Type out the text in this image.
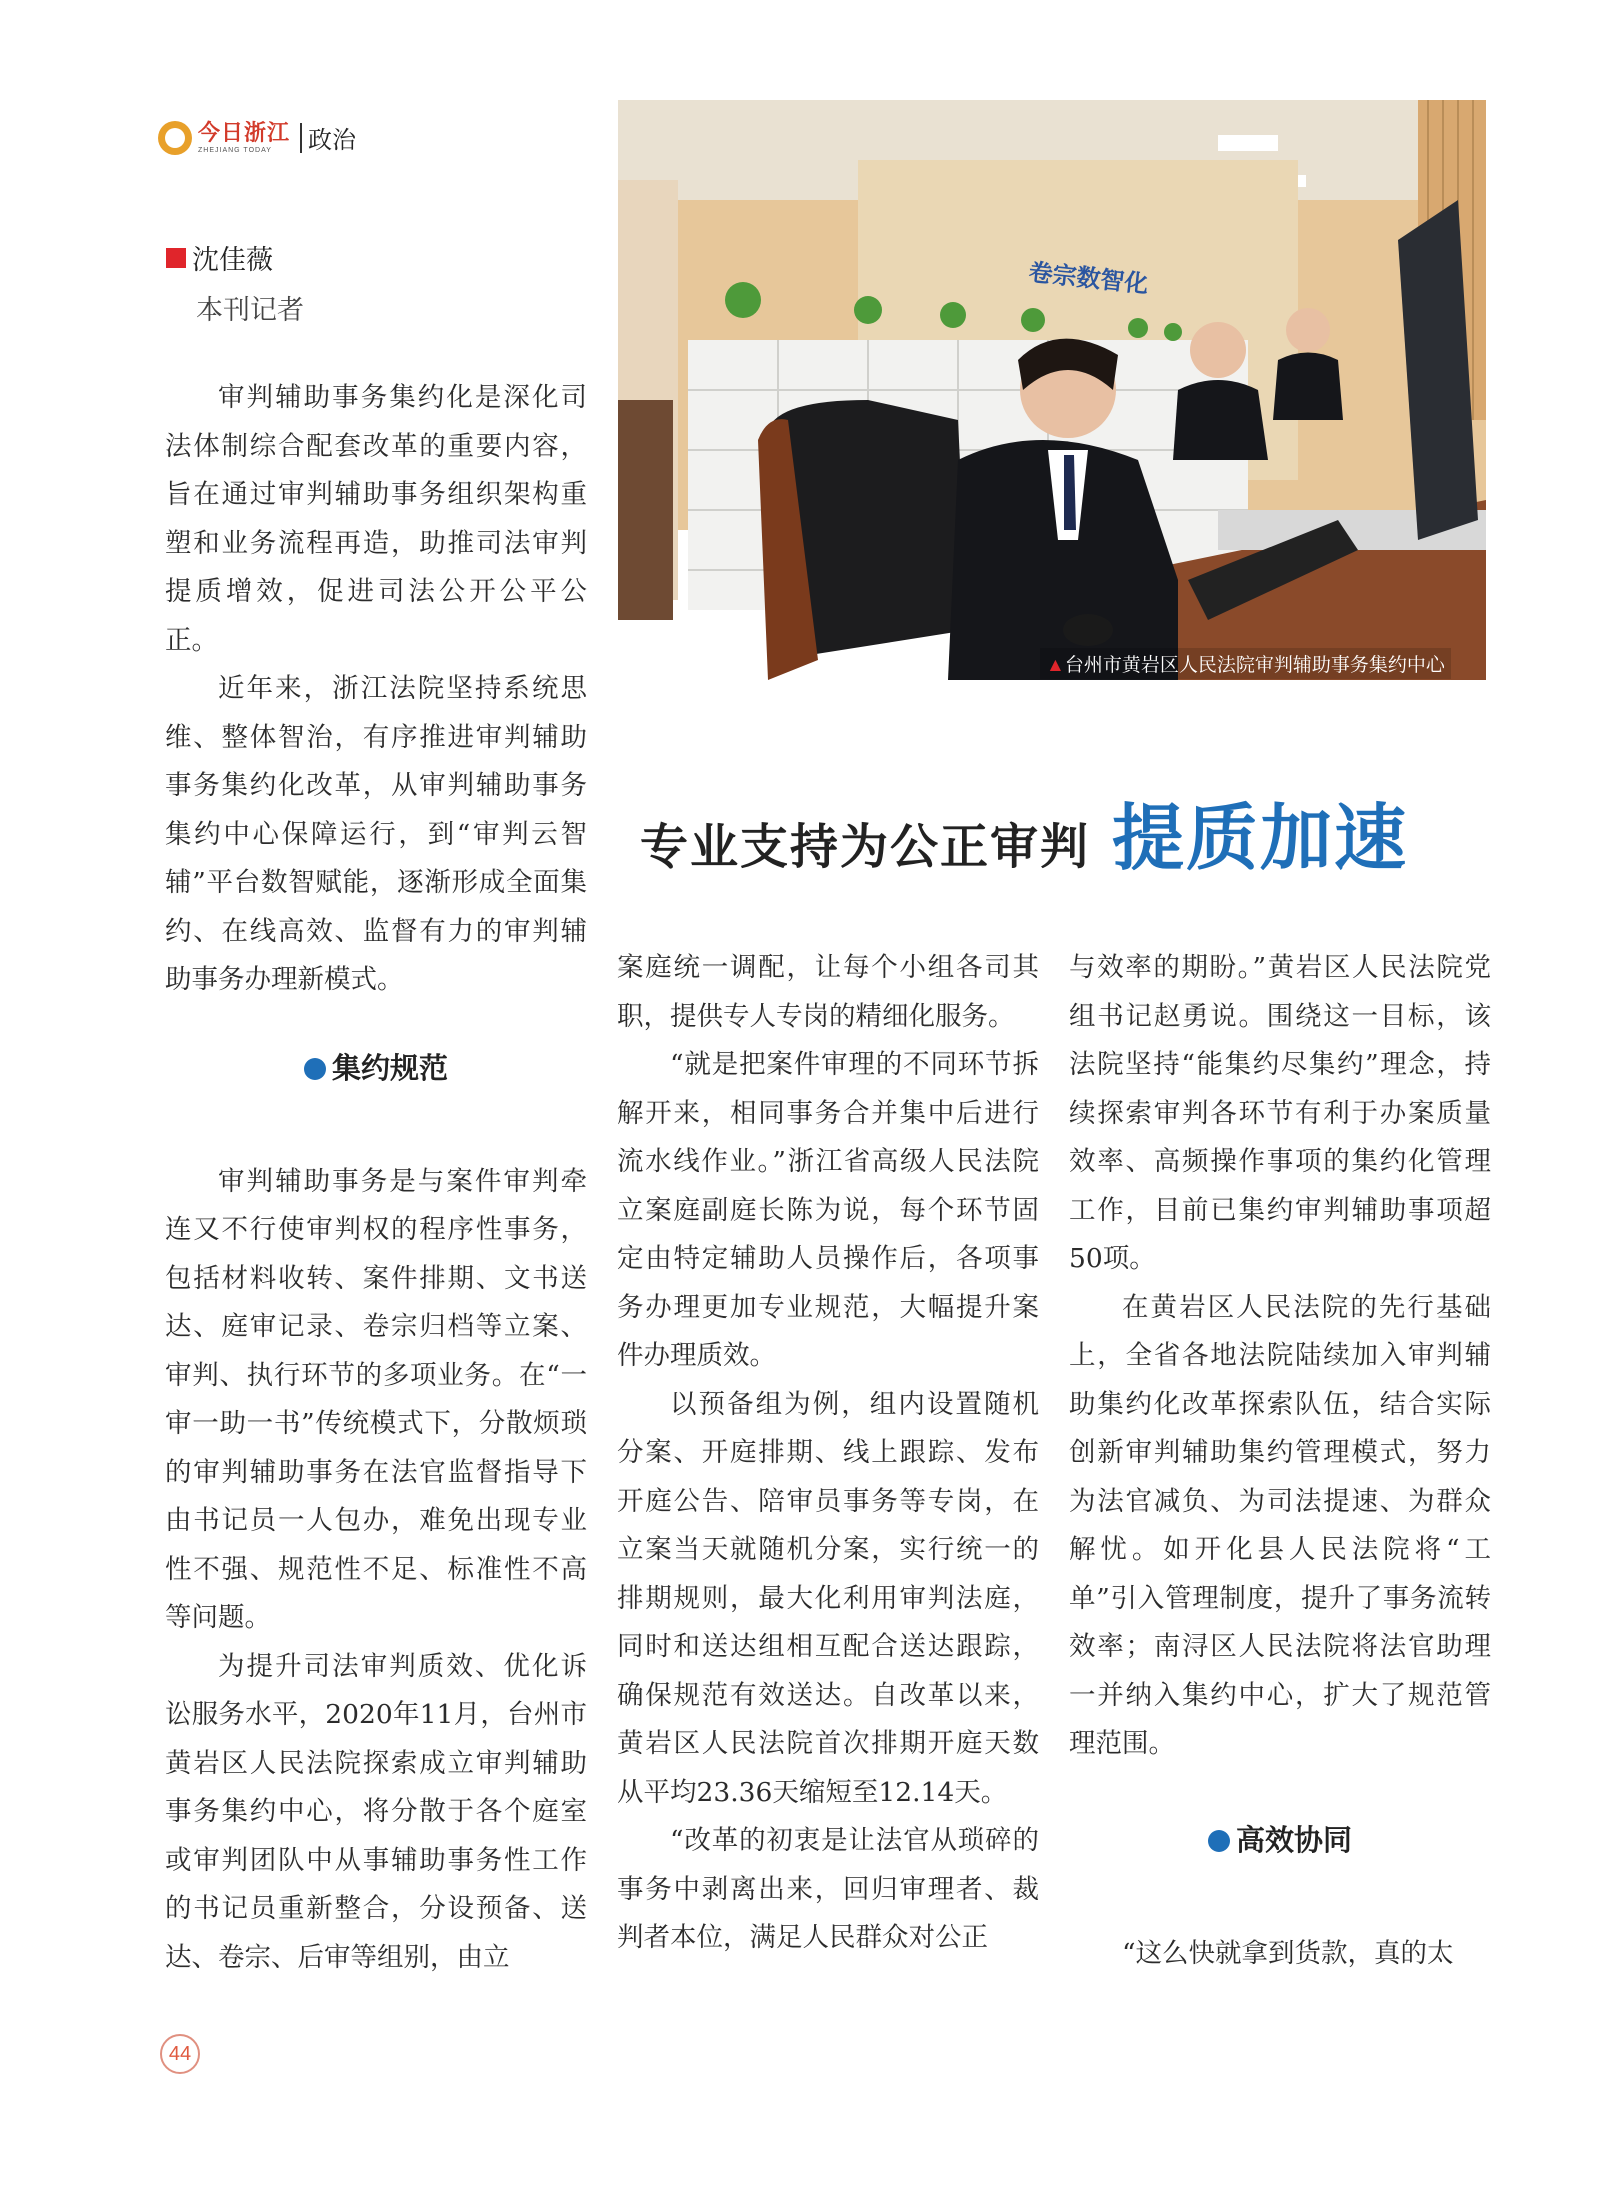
今日浙江
ZHEJIANG TODAY	政治
沈佳薇
本刊记者
卷宗数智化
▲台州市黄岩区人民法院审判辅助事务集约中心
专业支持为公正审判 提质加速

审判辅助事务集约化是深化司法体制综合配套改革的重要内容，旨在通过审判辅助事务组织架构重塑和业务流程再造，助推司法审判提质增效，促进司法公开公平公正。

近年来，浙江法院坚持系统思维、整体智治，有序推进审判辅助事务集约化改革，从审判辅助事务集约中心保障运行，到“审判云智辅”平台数智赋能，逐渐形成全面集约、在线高效、监督有力的审判辅助事务办理新模式。

集约规范

审判辅助事务是与案件审判牵连又不行使审判权的程序性事务，包括材料收转、案件排期、文书送达、庭审记录、卷宗归档等立案、审判、执行环节的多项业务。在“一审一助一书”传统模式下，分散烦琐的审判辅助事务在法官监督指导下由书记员一人包办，难免出现专业性不强、规范性不足、标准性不高等问题。

为提升司法审判质效、优化诉讼服务水平，2020年11月，台州市黄岩区人民法院探索成立审判辅助事务集约中心，将分散于各个庭室或审判团队中从事辅助事务性工作的书记员重新整合，分设预备、送达、卷宗、后审等组别，由立

案庭统一调配，让每个小组各司其职，提供专人专岗的精细化服务。

“就是把案件审理的不同环节拆解开来，相同事务合并集中后进行流水线作业。”浙江省高级人民法院立案庭副庭长陈为说，每个环节固定由特定辅助人员操作后，各项事务办理更加专业规范，大幅提升案件办理质效。

以预备组为例，组内设置随机分案、开庭排期、线上跟踪、发布开庭公告、陪审员事务等专岗，在立案当天就随机分案，实行统一的排期规则，最大化利用审判法庭，同时和送达组相互配合送达跟踪，确保规范有效送达。自改革以来，黄岩区人民法院首次排期开庭天数从平均23.36天缩短至12.14天。

“改革的初衷是让法官从琐碎的事务中剥离出来，回归审理者、裁判者本位，满足人民群众对公正

与效率的期盼。”黄岩区人民法院党组书记赵勇说。围绕这一目标，该法院坚持“能集约尽集约”理念，持续探索审判各环节有利于办案质量效率、高频操作事项的集约化管理工作，目前已集约审判辅助事项超50项。

在黄岩区人民法院的先行基础上，全省各地法院陆续加入审判辅助集约化改革探索队伍，结合实际创新审判辅助集约管理模式，努力为法官减负、为司法提速、为群众解忧。如开化县人民法院将“工单”引入管理制度，提升了事务流转效率；南浔区人民法院将法官助理一并纳入集约中心，扩大了规范管理范围。

高效协同

“这么快就拿到货款，真的太

44
